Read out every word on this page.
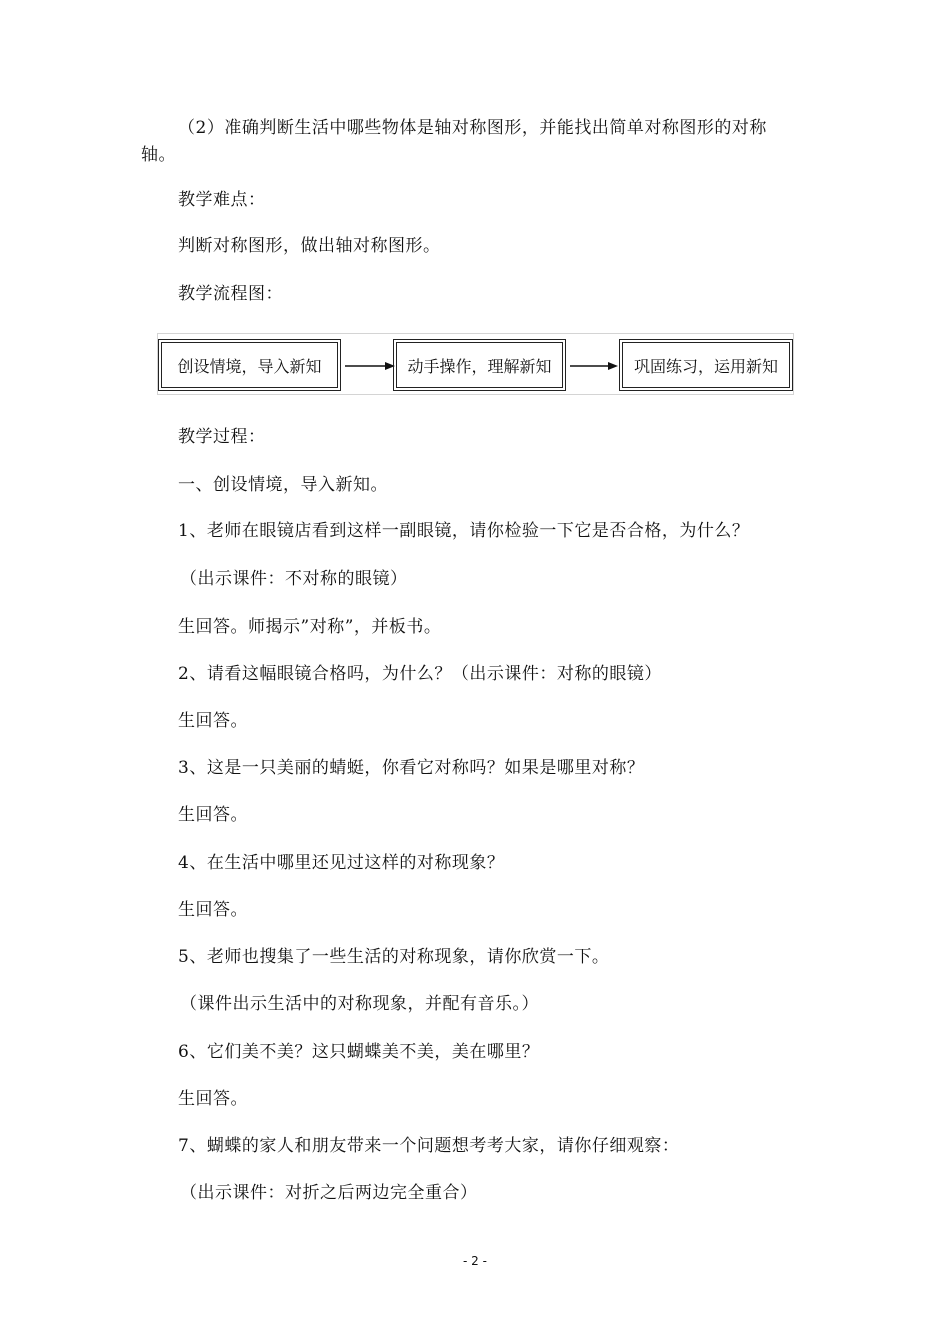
（2）准确判断生活中哪些物体是轴对称图形，并能找出简单对称图形的对称
轴。
教学难点：
判断对称图形，做出轴对称图形。
教学流程图：
创设情境，导入新知	动手操作，理解新知	巩固练习，运用新知
教学过程：
一、创设情境，导入新知。
1、老师在眼镜店看到这样一副眼镜，请你检验一下它是否合格，为什么？
（出示课件：不对称的眼镜）
生回答。师揭示”对称”，并板书。
2、请看这幅眼镜合格吗，为什么？（出示课件：对称的眼镜）
生回答。
3、这是一只美丽的蜻蜓，你看它对称吗？如果是哪里对称？
生回答。
4、在生活中哪里还见过这样的对称现象？
生回答。
5、老师也搜集了一些生活的对称现象，请你欣赏一下。
（课件出示生活中的对称现象，并配有音乐。）
6、它们美不美？这只蝴蝶美不美，美在哪里？
生回答。
7、蝴蝶的家人和朋友带来一个问题想考考大家，请你仔细观察：
（出示课件：对折之后两边完全重合）
- 2 -
